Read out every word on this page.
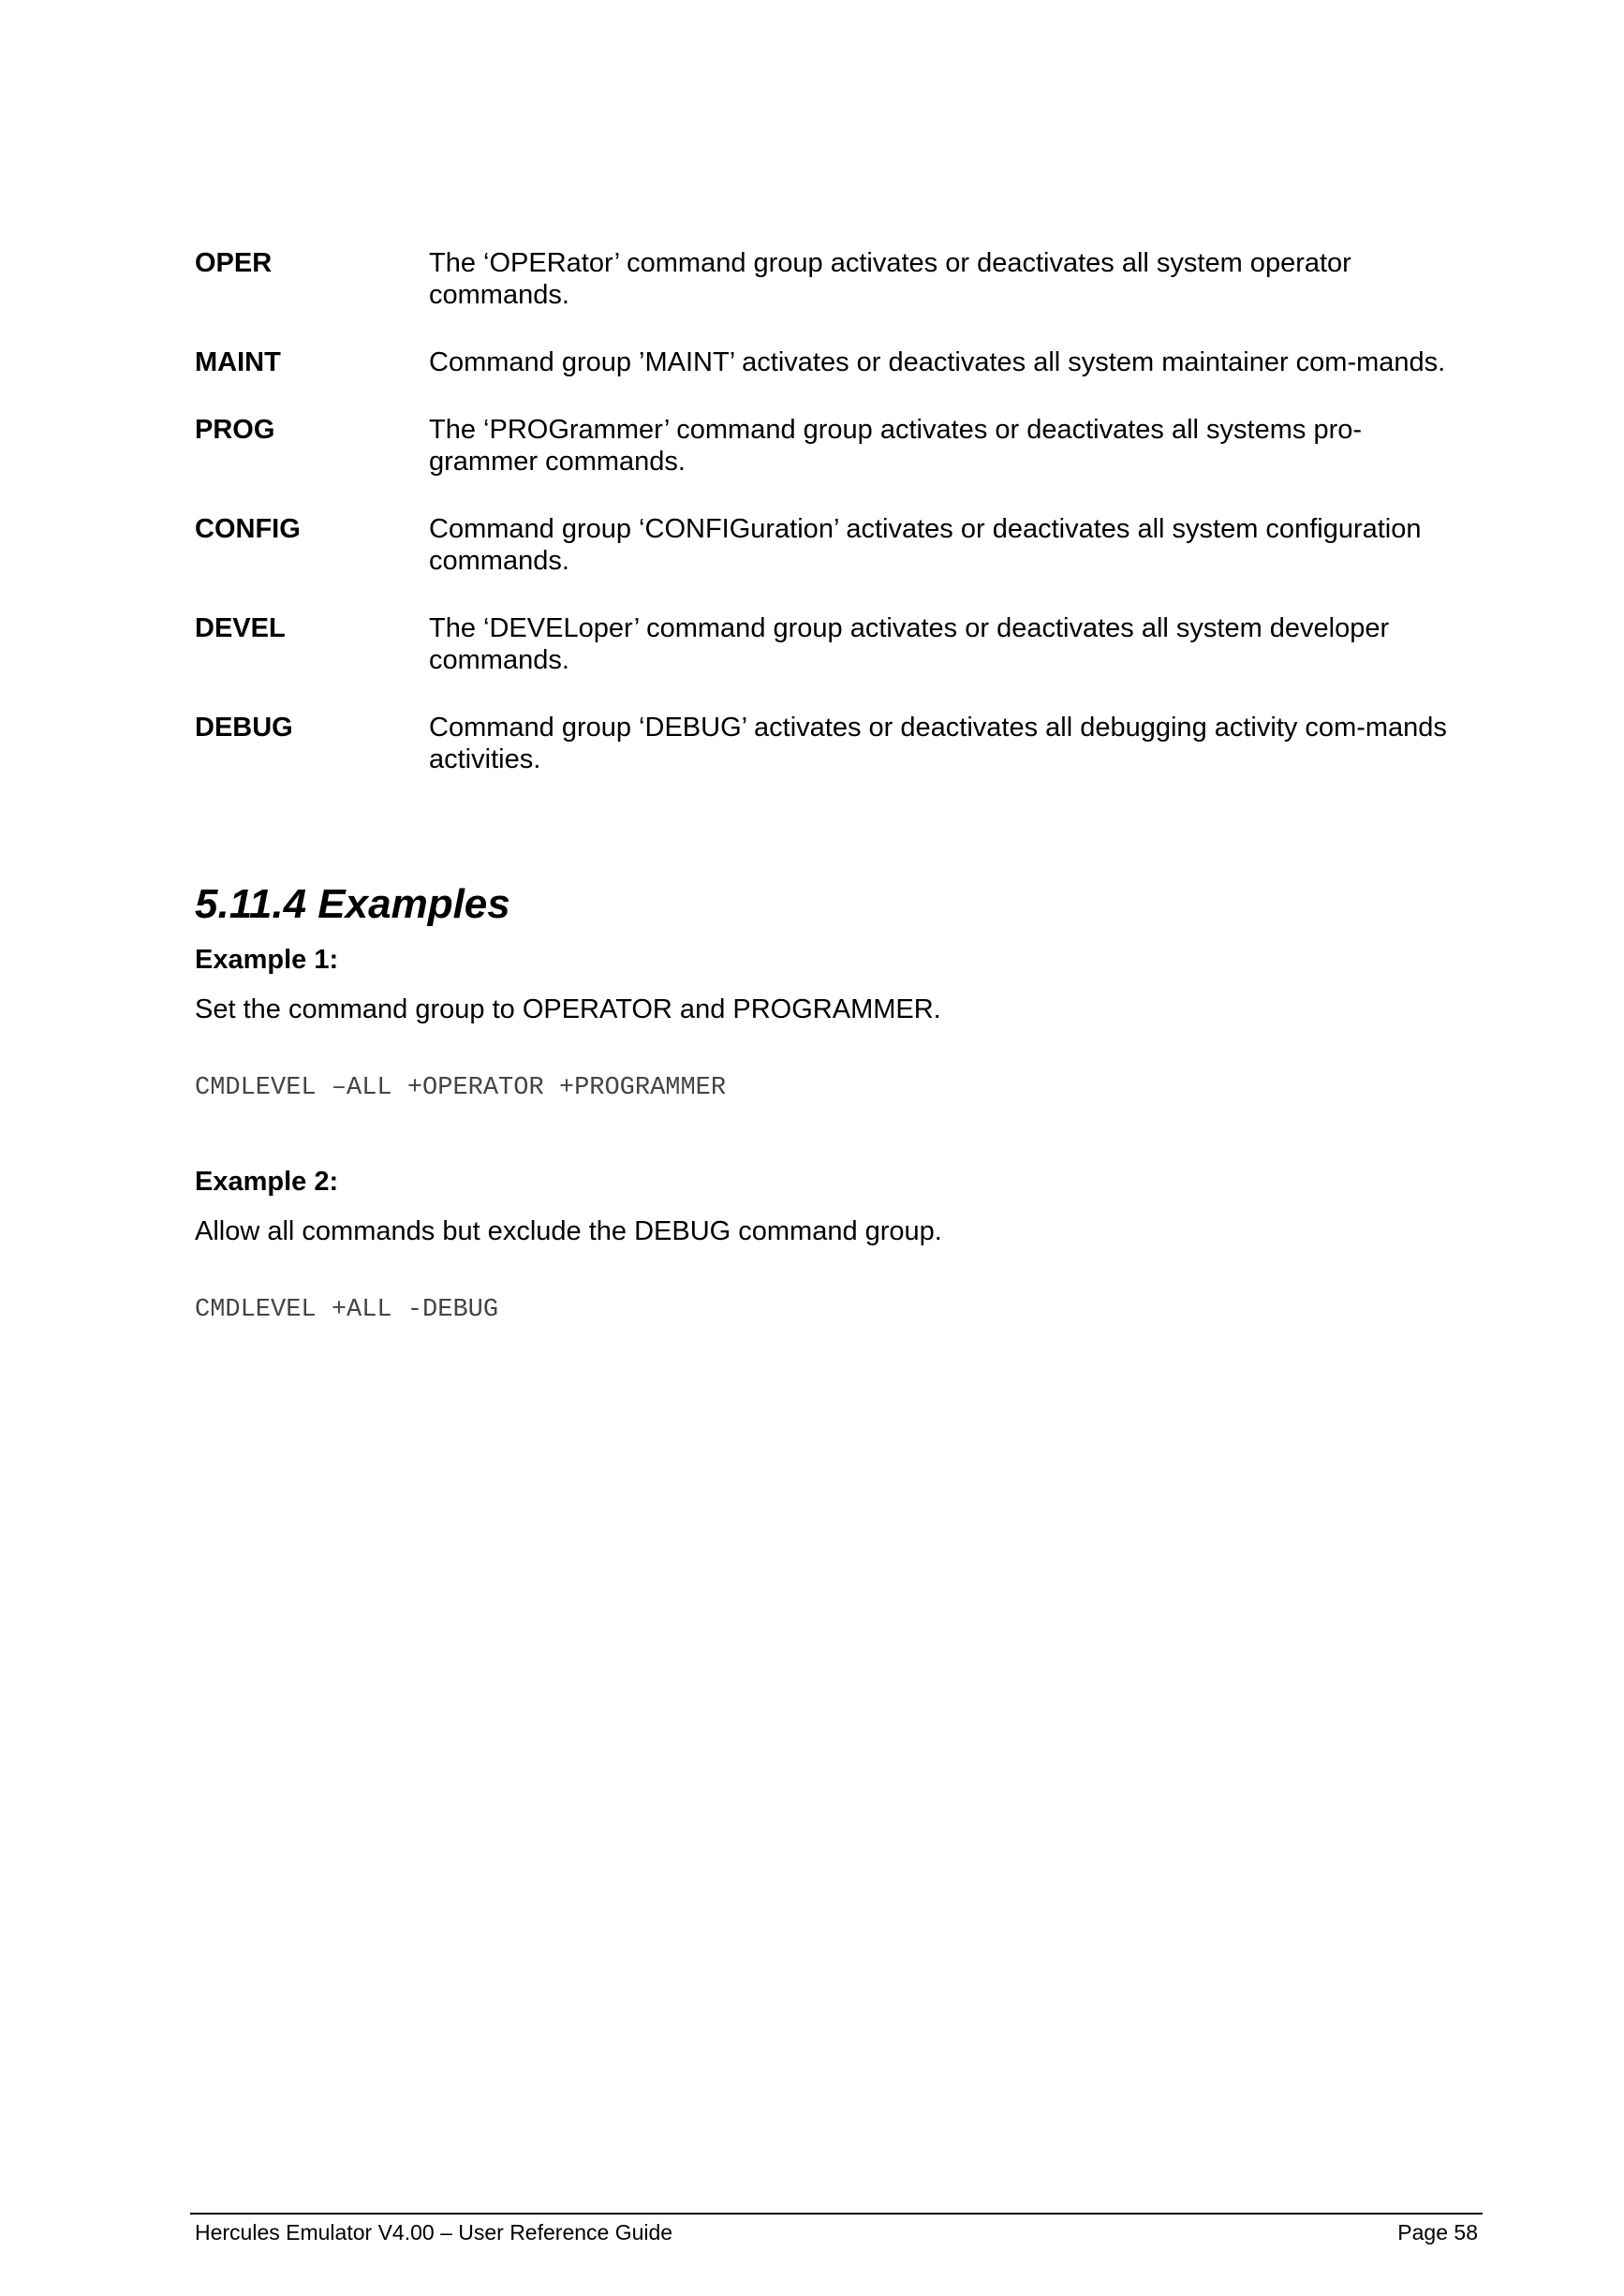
OPER	The ‘OPERator’ command group activates or deactivates all system operator commands.
MAINT	Command group ’MAINT’ activates or deactivates all system maintainer com-mands.
PROG	The ‘PROGrammer’ command group activates or deactivates all systems pro-grammer commands.
CONFIG	Command group ‘CONFIGuration’ activates or deactivates all system configuration commands.
DEVEL	The ‘DEVELoper’ command group activates or deactivates all system developer commands.
DEBUG	Command group ‘DEBUG’ activates or deactivates all debugging activity com-mands activities.
5.11.4 Examples

Example 1:

Set the command group to OPERATOR and PROGRAMMER.

CMDLEVEL –ALL +OPERATOR +PROGRAMMER

Example 2:

Allow all commands but exclude the DEBUG command group.

CMDLEVEL +ALL -DEBUG

Hercules Emulator V4.00 – User Reference Guide	Page 58
